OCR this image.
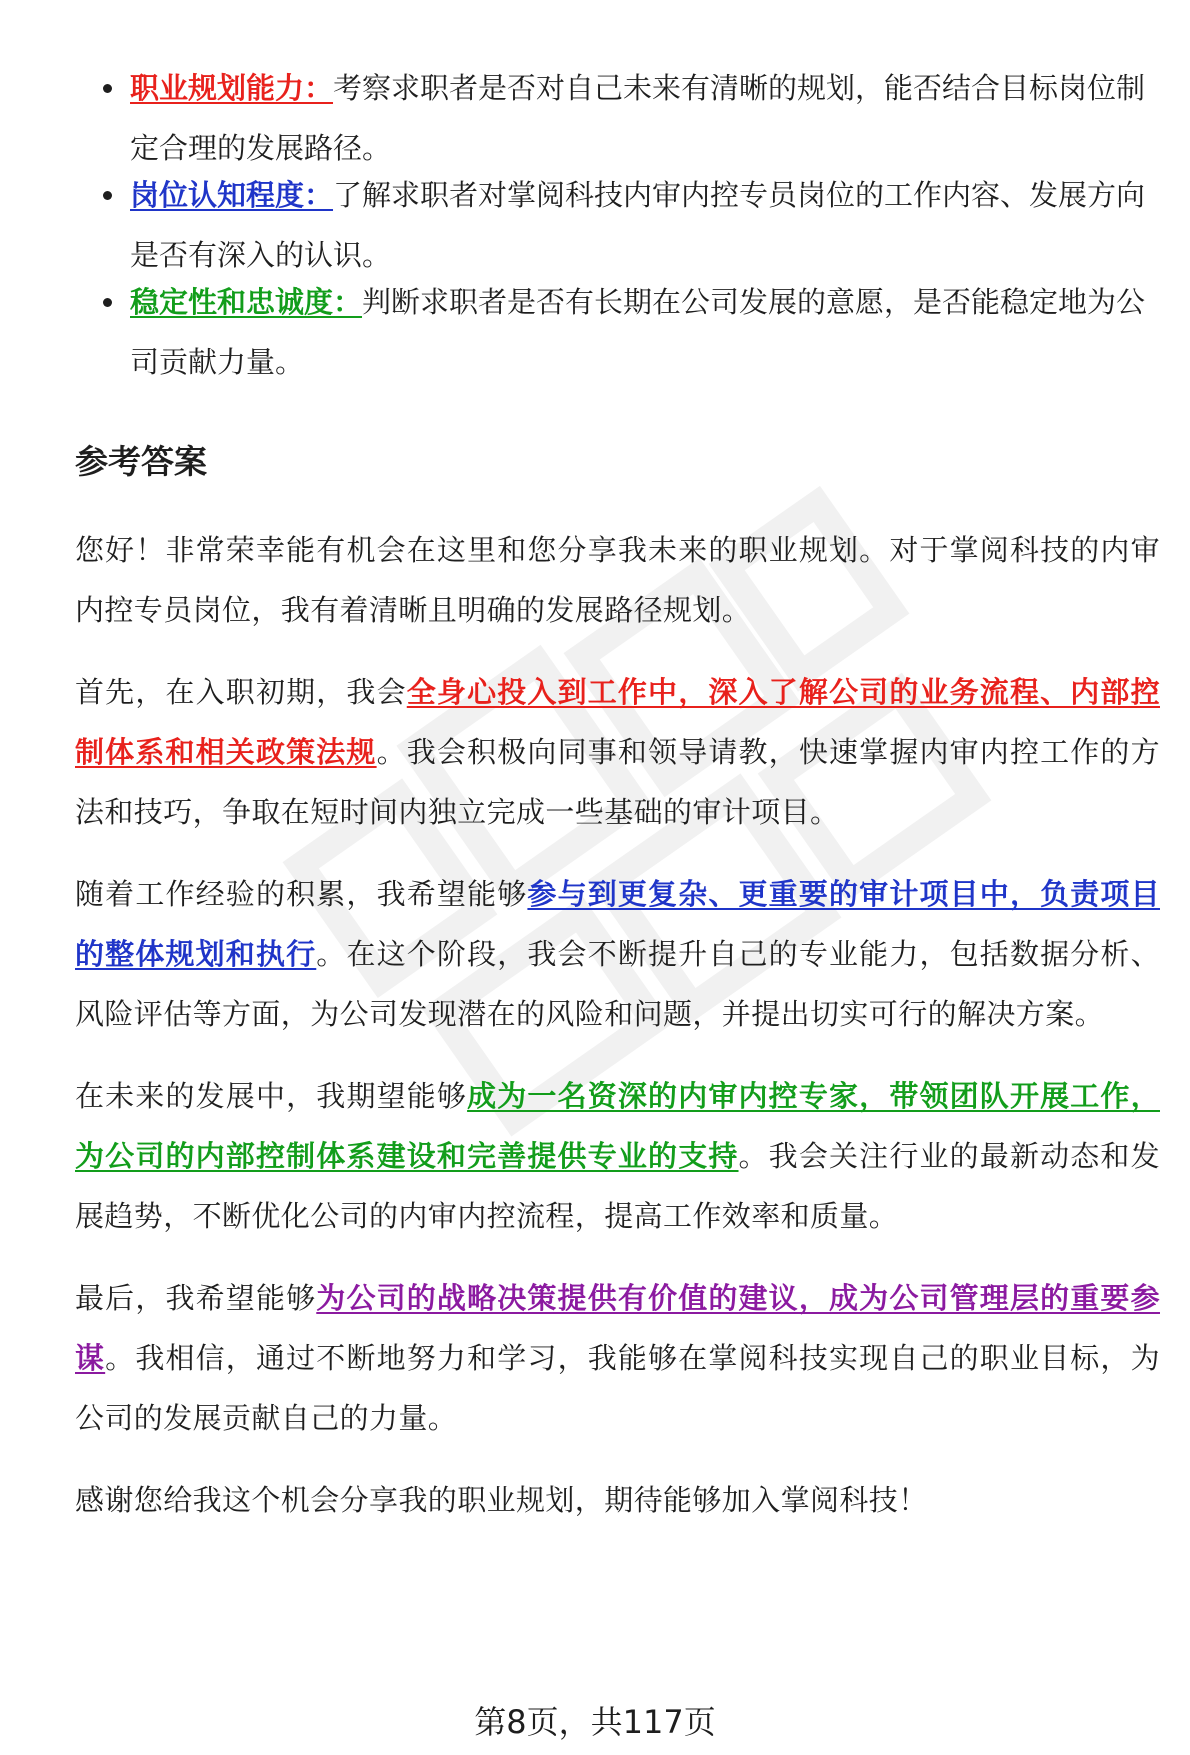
职业规划能力：考察求职者是否对自己未来有清晰的规划，能否结合目标岗位制定合理的发展路径。
岗位认知程度：了解求职者对掌阅科技内审内控专员岗位的工作内容、发展方向是否有深入的认识。
稳定性和忠诚度：判断求职者是否有长期在公司发展的意愿，是否能稳定地为公司贡献力量。
参考答案

您好！非常荣幸能有机会在这里和您分享我未来的职业规划。对于掌阅科技的内审内控专员岗位，我有着清晰且明确的发展路径规划。

首先，在入职初期，我会全身心投入到工作中，深入了解公司的业务流程、内部控制体系和相关政策法规。我会积极向同事和领导请教，快速掌握内审内控工作的方法和技巧，争取在短时间内独立完成一些基础的审计项目。

随着工作经验的积累，我希望能够参与到更复杂、更重要的审计项目中，负责项目的整体规划和执行。在这个阶段，我会不断提升自己的专业能力，包括数据分析、风险评估等方面，为公司发现潜在的风险和问题，并提出切实可行的解决方案。

在未来的发展中，我期望能够成为一名资深的内审内控专家，带领团队开展工作，为公司的内部控制体系建设和完善提供专业的支持。我会关注行业的最新动态和发展趋势，不断优化公司的内审内控流程，提高工作效率和质量。

最后，我希望能够为公司的战略决策提供有价值的建议，成为公司管理层的重要参谋。我相信，通过不断地努力和学习，我能够在掌阅科技实现自己的职业目标，为公司的发展贡献自己的力量。

感谢您给我这个机会分享我的职业规划，期待能够加入掌阅科技！

第8页，共117页
